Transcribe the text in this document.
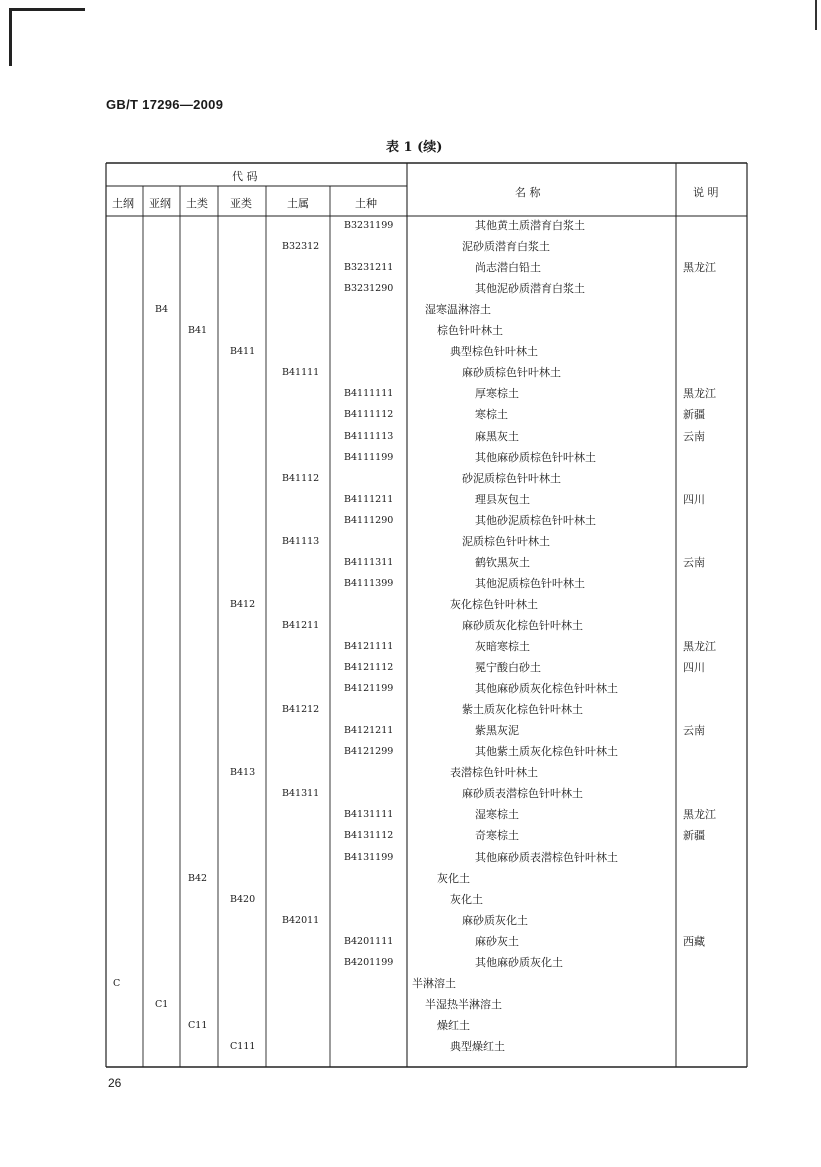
GB/T 17296—2009
表 1 (续)
代 码
土纲 亚纲 土类 亚类	土属	土种
名 称	说 明
B3231199	其他黄土质潜育白浆土
B32312	泥砂质潜育白浆土
B3231211	尚志潜白铅土	黑龙江
B3231290	其他泥砂质潜育白浆土
B4	湿寒温淋溶土
B41	棕色针叶林土
B411	典型棕色针叶林土
B41111	麻砂质棕色针叶林土
B4111111	厚寒棕土	黑龙江
B4111112	寒棕土	新疆
B4111113	麻黑灰土	云南
B4111199	其他麻砂质棕色针叶林土
B41112	砂泥质棕色针叶林土
B4111211	理县灰包土	四川
B4111290	其他砂泥质棕色针叶林土
B41113	泥质棕色针叶林土
B4111311	鹤钦黑灰土	云南
B4111399	其他泥质棕色针叶林土
B412	灰化棕色针叶林土
B41211	麻砂质灰化棕色针叶林土
B4121111	灰暗寒棕土	黑龙江
B4121112	冕宁酸白砂土	四川
B4121199	其他麻砂质灰化棕色针叶林土
B41212	紫土质灰化棕色针叶林土
B4121211	紫黑灰泥	云南
B4121299	其他紫土质灰化棕色针叶林土
B413	表潜棕色针叶林土
B41311	麻砂质表潜棕色针叶林土
B4131111	湿寒棕土	黑龙江
B4131112	奇寒棕土	新疆
B4131199	其他麻砂质表潜棕色针叶林土
B42	灰化土
B420	灰化土
B42011	麻砂质灰化土
B4201111	麻砂灰土	西藏
B4201199	其他麻砂质灰化土
C	半淋溶土
C1	半湿热半淋溶土
C11	燥红土
C111	典型燥红土
26
